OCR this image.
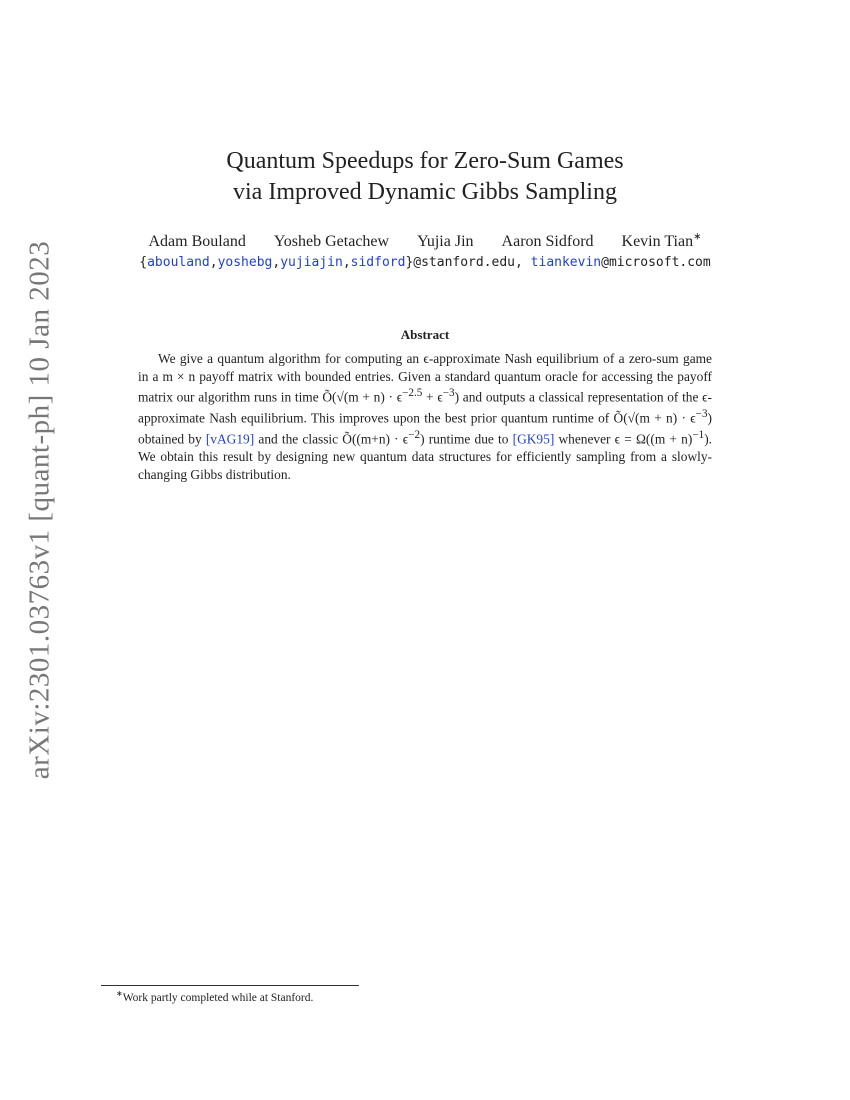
arXiv:2301.03763v1 [quant-ph] 10 Jan 2023
Quantum Speedups for Zero-Sum Games
via Improved Dynamic Gibbs Sampling
Adam Bouland Yosheb Getachew Yujia Jin Aaron Sidford Kevin Tian∗
{abouland,yoshebg,yujiajin,sidford}@stanford.edu, tiankevin@microsoft.com
Abstract
We give a quantum algorithm for computing an ϵ-approximate Nash equilibrium of a zero-sum game in a m × n payoff matrix with bounded entries. Given a standard quantum oracle for accessing the payoff matrix our algorithm runs in time Õ(√(m + $n) \cdot \epsilon^{-2.5} + \epsilon^{-3}$) and outputs a classical representation of the ϵ-approximate Nash equilibrium. This improves upon the best prior quantum runtime of Õ(√(m + $n) \cdot \epsilon^{-3}$) obtained by [vAG19] and the classic Õ((m+n) · $\epsilon^{-2}$) runtime due to [GK95] whenever $\epsilon = \Omega((m + n)^{-1})$. We obtain this result by designing new quantum data structures for efficiently sampling from a slowly-changing Gibbs distribution.
∗Work partly completed while at Stanford.
